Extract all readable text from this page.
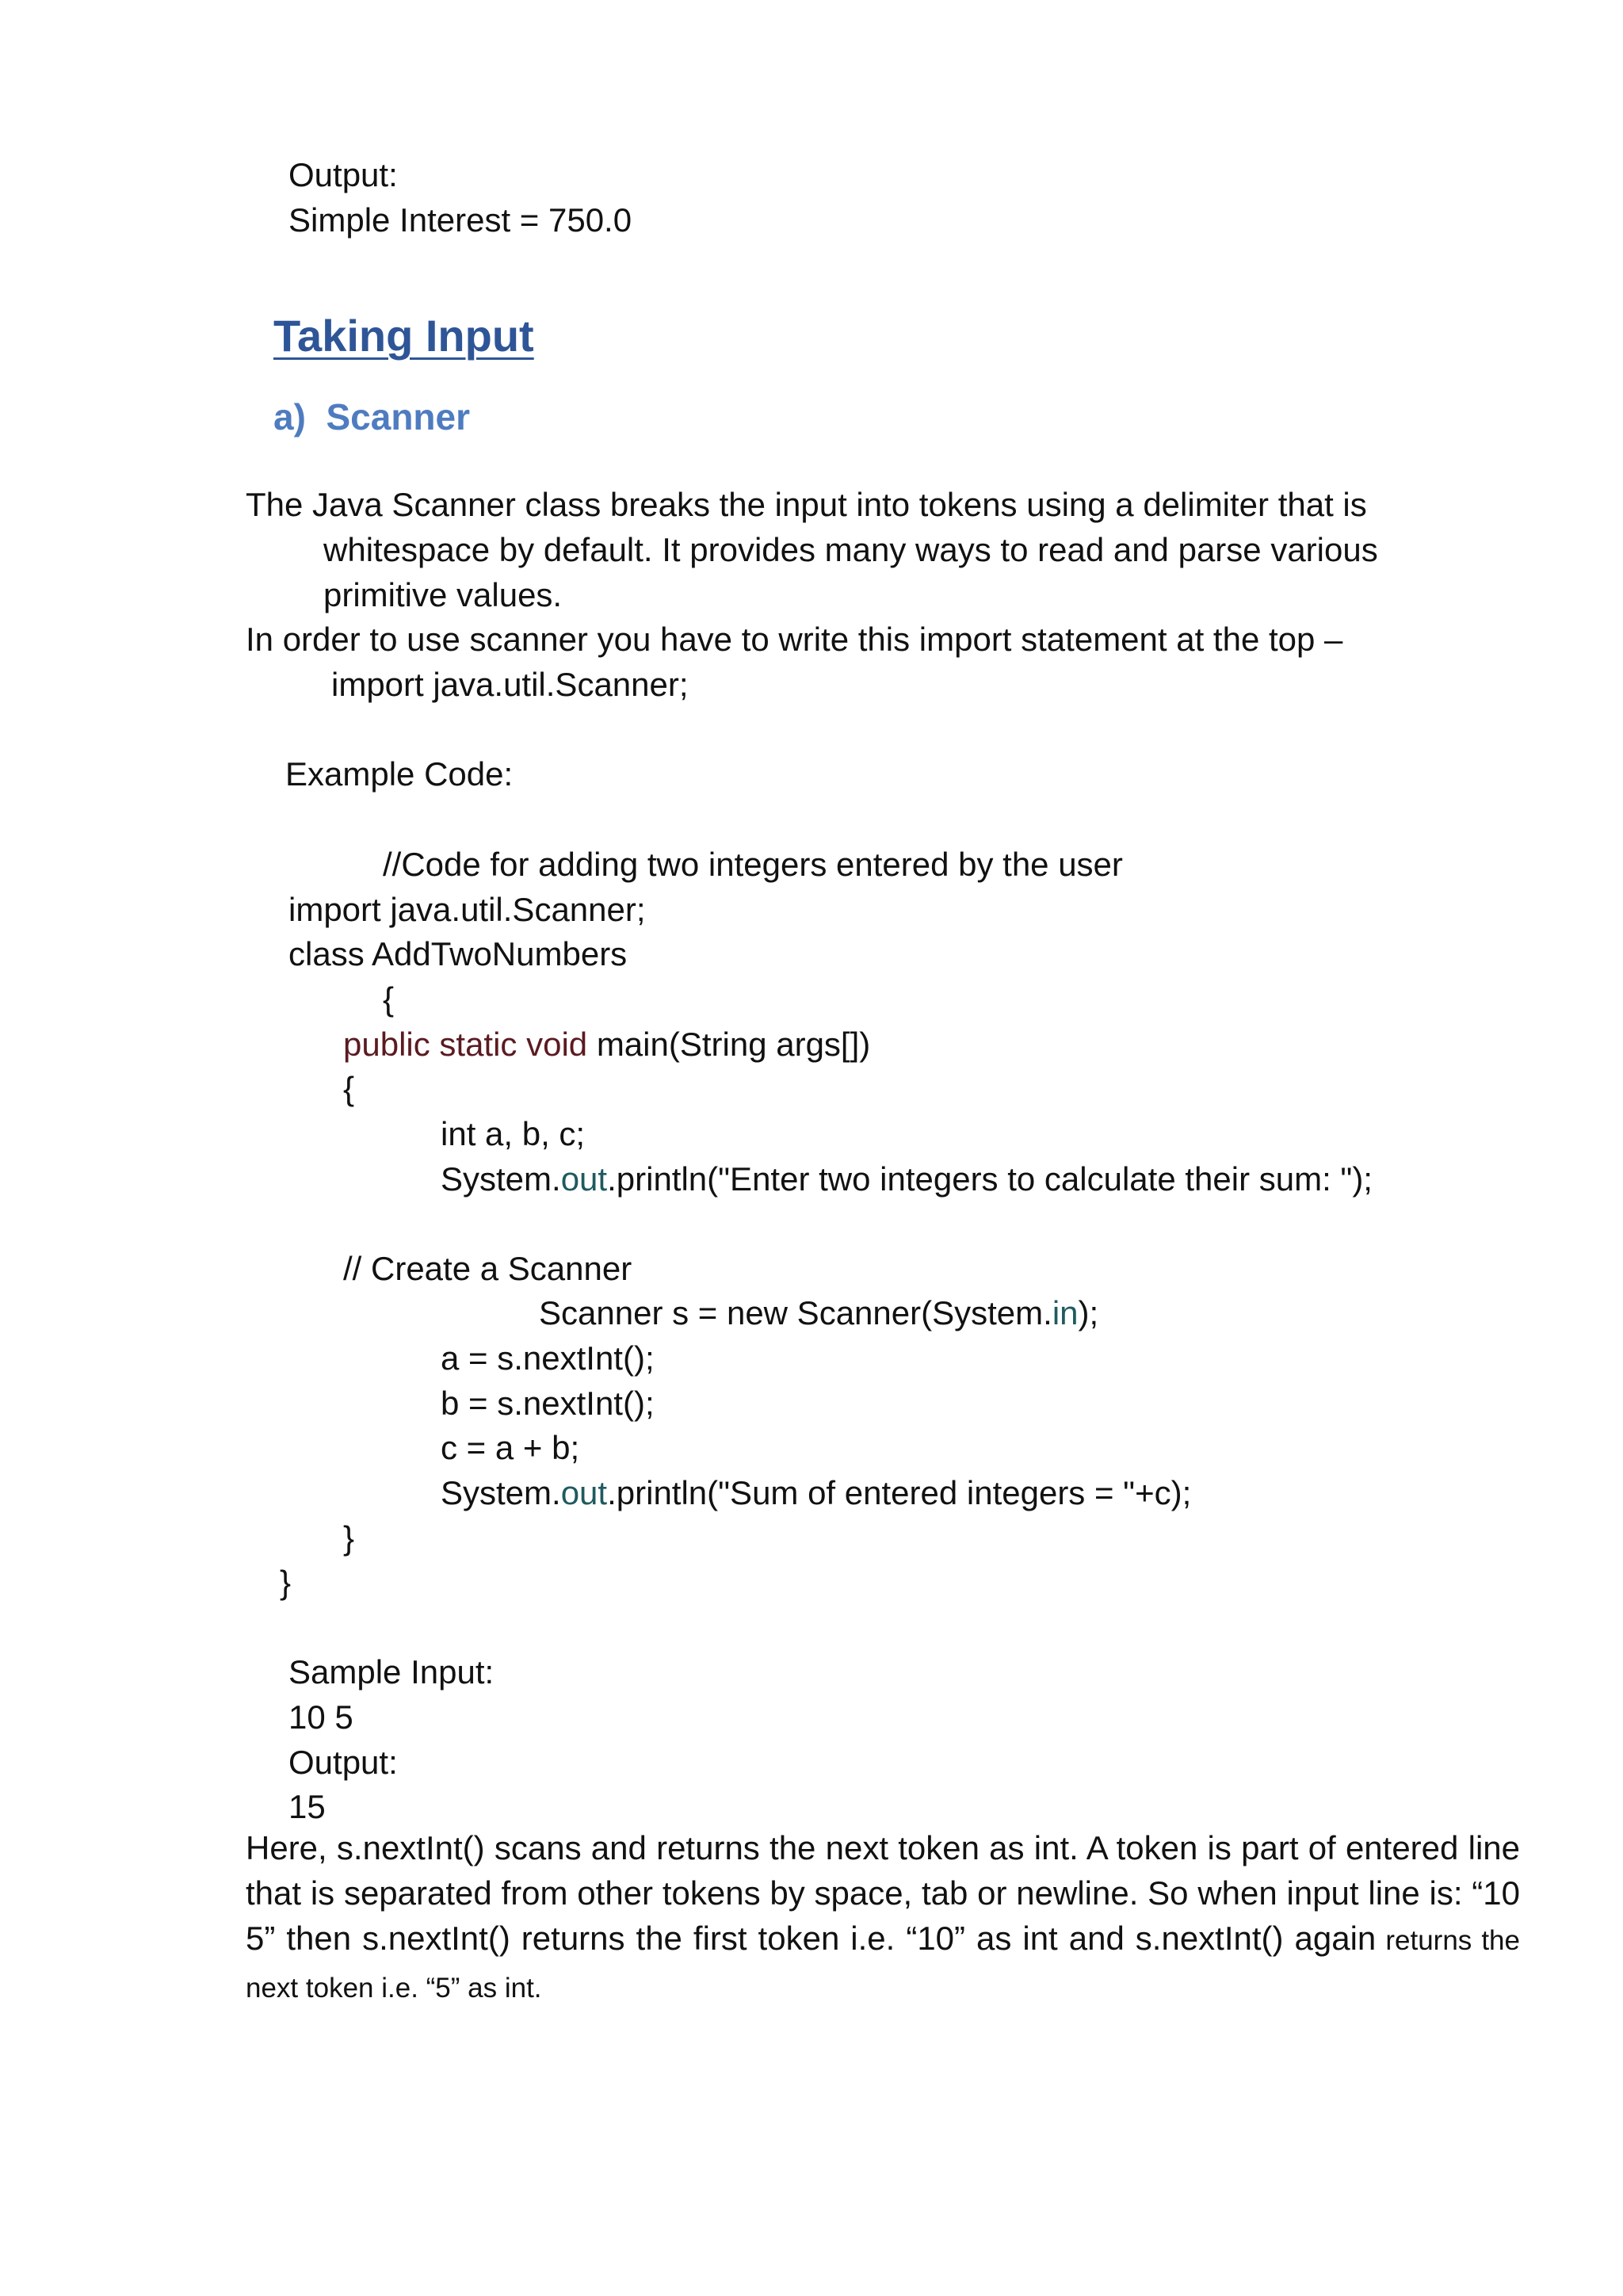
Output:
Simple Interest = 750.0
Taking Input
a) Scanner
The Java Scanner class breaks the input into tokens using a delimiter that is
whitespace by default. It provides many ways to read and parse various
primitive values.
In order to use scanner you have to write this import statement at the top –
import java.util.Scanner;
Example Code:
//Code for adding two integers entered by the user
import java.util.Scanner;
class AddTwoNumbers
{
public static void main(String args[])
{
int a, b, c;
System.out.println("Enter two integers to calculate their sum: ");
// Create a Scanner
Scanner s = new Scanner(System.in);
a = s.nextInt();
b = s.nextInt();
c = a + b;
System.out.println("Sum of entered integers = "+c);
}
}
Sample Input:
10 5
Output:
15
Here, s.nextInt() scans and returns the next token as int. A token is part of entered line that is separated from other tokens by space, tab or newline. So when input line is: “10 5” then s.nextInt() returns the first token i.e. “10” as int and s.nextInt() again returns the next token i.e. “5” as int.
